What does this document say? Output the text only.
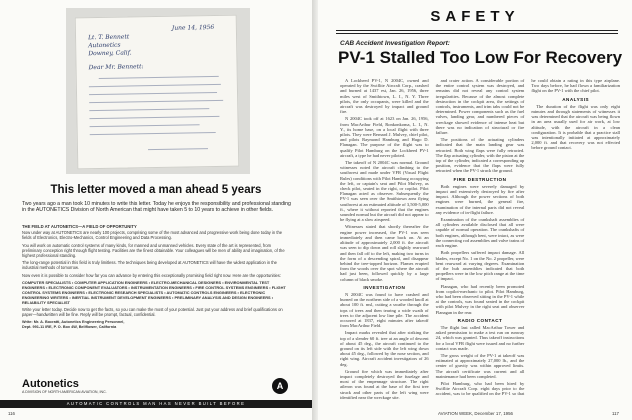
June 14, 1956
Lt. T. Bennett
Autonetics
Downey, Calif.
Dear Mr. Bennett:
This letter moved a man ahead 5 years
Two years ago a man took 10 minutes to write this letter. Today he enjoys the responsibility and professional standing in the AUTONETICS Division of North American that might have taken 5 to 10 years to achieve in other fields.

THE FIELD AT AUTONETICS—A FIELD OF OPPORTUNITY

Now under way at AUTONETICS are nearly 100 projects, comprising some of the most advanced and progressive work being done today in the fields of Electronics, Electro-Mechanics, Control Engineering and Data Processing.

You will work on automatic control systems of many kinds, for manned and unmanned vehicles. Every state of the art is represented, from preliminary conception right through flight testing. Facilities are the finest obtainable. Your colleagues will be men of ability and imagination, of the highest professional standing.

The long-range potential in this field is truly limitless. The techniques being developed at AUTONETICS will have the widest application in the industrial methods of tomorrow.

Now even it is possible to consider how far you can advance by entering this exceptionally promising field right now. Here are the opportunities:

COMPUTER SPECIALISTS • COMPUTER APPLICATION ENGINEERS • ELECTRO-MECHANICAL DESIGNERS • ENVIRONMENTAL TEST ENGINEERS • ELECTRONIC COMPONENT EVALUATORS • INSTRUMENTATION ENGINEERS • FIRE CONTROL SYSTEMS ENGINEERS • FLIGHT CONTROL SYSTEMS ENGINEERS • ELECTRONIC RESEARCH SPECIALISTS • AUTOMATIC CONTROLS ENGINEERS • ELECTRONIC ENGINEERING WRITERS • INERTIAL INSTRUMENT DEVELOPMENT ENGINEERS • PRELIMINARY ANALYSIS AND DESIGN ENGINEERS • RELIABILITY SPECIALIST

Write your letter today. Decide now to get the facts, so you can make the most of your potential. Just put your address and brief qualifications on paper—handwritten will be fine. Reply will be prompt, factual, confidential.

Write: Mr. A. Bocratti, Autonetics Engineering Personnel,

Dept. 991-11 IRE, P. O. Box 4W, Bellflower, California

Autonetics
A DIVISION OF NORTH AMERICAN AVIATION, INC.
A
AUTOMATIC CONTROLS MAN HAS NEVER BUILT BEFORE
116
SAFETY
CAB Accident Investigation Report:
PV-1 Stalled Too Low For Recovery

A Lockheed PV-1, N 2004C, owned and operated by the Swiflite Aircraft Corp., crashed and burned at 1437 est, Jan. 26, 1956, three miles west of Smithtown, L. I., N. Y. Three pilots, the only occupants, were killed and the aircraft was destroyed by impact and ground fire.

N 2004C took off at 1623 on Jan. 26, 1956, from MacArthur Field, Ronkonkoma, L. I., N. Y., its home base, on a local flight with three pilots. They were Bernard J. Mulvey, chief pilot, and pilots Raymond Hamburg and Hugo D. Flanagan. The purpose of the flight was to qualify Pilot Hamburg on the Lockheed PV-1 aircraft, a type he had never piloted.

The takeoff of N 2004C was normal. Ground witnesses noted the aircraft climbing to the southwest and made under VFR (Visual Flight Rules) conditions with Pilot Hamburg occupying the left, or captain's seat and Pilot Mulvey, as check pilot, seated in the right, or copilot. Pilot Flanagan acted as observer. Subsequently the PV-1 was seen over the Smithtown area flying southwest at an estimated altitude of 3,500-5,000 ft., where it without reported that the engines sounded normal but the aircraft did not appear to be flying at a slow airspeed.

Witnesses stated that shortly thereafter the engine power increased, the PV-1 was seen immediately and then came back on. At an altitude of approximately 2,000 ft. the aircraft was seen to dip down and roll slightly rearward and then fall off to the left, making two turns in the form of a descending spiral, and disappear behind the tree-topped horizon. Flames erupted from the woods over the spot where the aircraft had just been, followed quickly by a large column of black smoke.

INVESTIGATION

N 2004C was found to have crashed and burned on the northern side of a wooded knoll at about 100 ft. msl, cutting a swathe through the tops of trees and then tearing a wide swath of trees to the adjacent low line pile. The accident occurred at 1837, eight minutes after takeoff from MacArthur Field.

Impact marks revealed that after striking the top of a slender 60 ft. tree at an angle of descent of about 45 deg., the aircraft continued to the ground on its left side with the left wing down about 45 deg., followed by the nose section, and right wing. Aircraft accident investigators of 26 deg.

Ground fire which was immediately after impact completely destroyed the fuselage and most of the empennage structure. The right aileron was found at the base of the first tree struck and other parts of the left wing were identified near the wreckage site.

and crater action. A considerable portion of the entire control system was destroyed, and remains did not reveal any control system irregularities. Because of the almost complete destruction in the cockpit area, the settings of controls, instruments, and trim tabs could not be determined. Power components such as the fuel valves, landing gear, and numbered pieces of wreckage showed evidence of intense heat but there was no indication of structural or fire failure.

The positions of the actuating cylinders indicated that the main landing gear was retracted. Both wing flaps were fully retracted. The flap actuating cylinder, with the piston at the top of the cylinder, indicated a corresponding up position, evidence that the flaps were fully retracted when the PV-1 struck the ground.

FIRE DESTRUCTION

Both engines were severely damaged by impact and extensively destroyed by fire after impact. Although the power sections of both engines were burned, the general fire, examination of the internal parts did not reveal any evidence of in-flight failure.

Examination of the crankshaft assemblies of all cylinders available disclosed that all were capable of normal operation. The crankshafts of both engines, although bent, were intact, as were the connecting rod assemblies and valve trains of each engine.

Both propellers suffered impact damage. All blades, except No. 1 on the No. 2 propeller, were bent rearward at varying degrees. Examination of the hub assemblies indicated that both propellers were in the low pitch range at the time of impact.

Flanagan, who had recently been promoted from copilot-mechanic to pilot. Pilot Hamburg, who had been observed sitting in the PV-1 while at the controls, was found seated in the cockpit with pilot Mulvey in the right seat and observer Flanagan in the rear.

RADIO CONTACT

The flight last called MacArthur Tower and asked permission to make a test run on runway 24, which was granted. Thus takeoff instructions for a local VFR flight were issued and no further contact was made.

The gross weight of the PV-1 at takeoff was estimated at approximately 27,000 lb., and the center of gravity was within approved limits. The aircraft certificate was current and all maintenance had been completed.

Pilot Hamburg, who had been hired by Swiflite Aircraft Corp. eight days prior to the accident, was to be qualified on the PV-1 so that he could obtain a rating in this type airplane. Two days before, he had flown a familiarization flight on the PV-1 with the chief pilot.

ANALYSIS

The duration of the flight was only eight minutes and through statements of witnesses it was determined that the aircraft was being flown in an area usually used for air work, at low altitude, with the aircraft in a clean configuration. It is probable that a practice stall was intentionally initiated at approximately 2,000 ft. and that recovery was not effected before ground contact.

AVIATION WEEK, December 17, 1956	117
